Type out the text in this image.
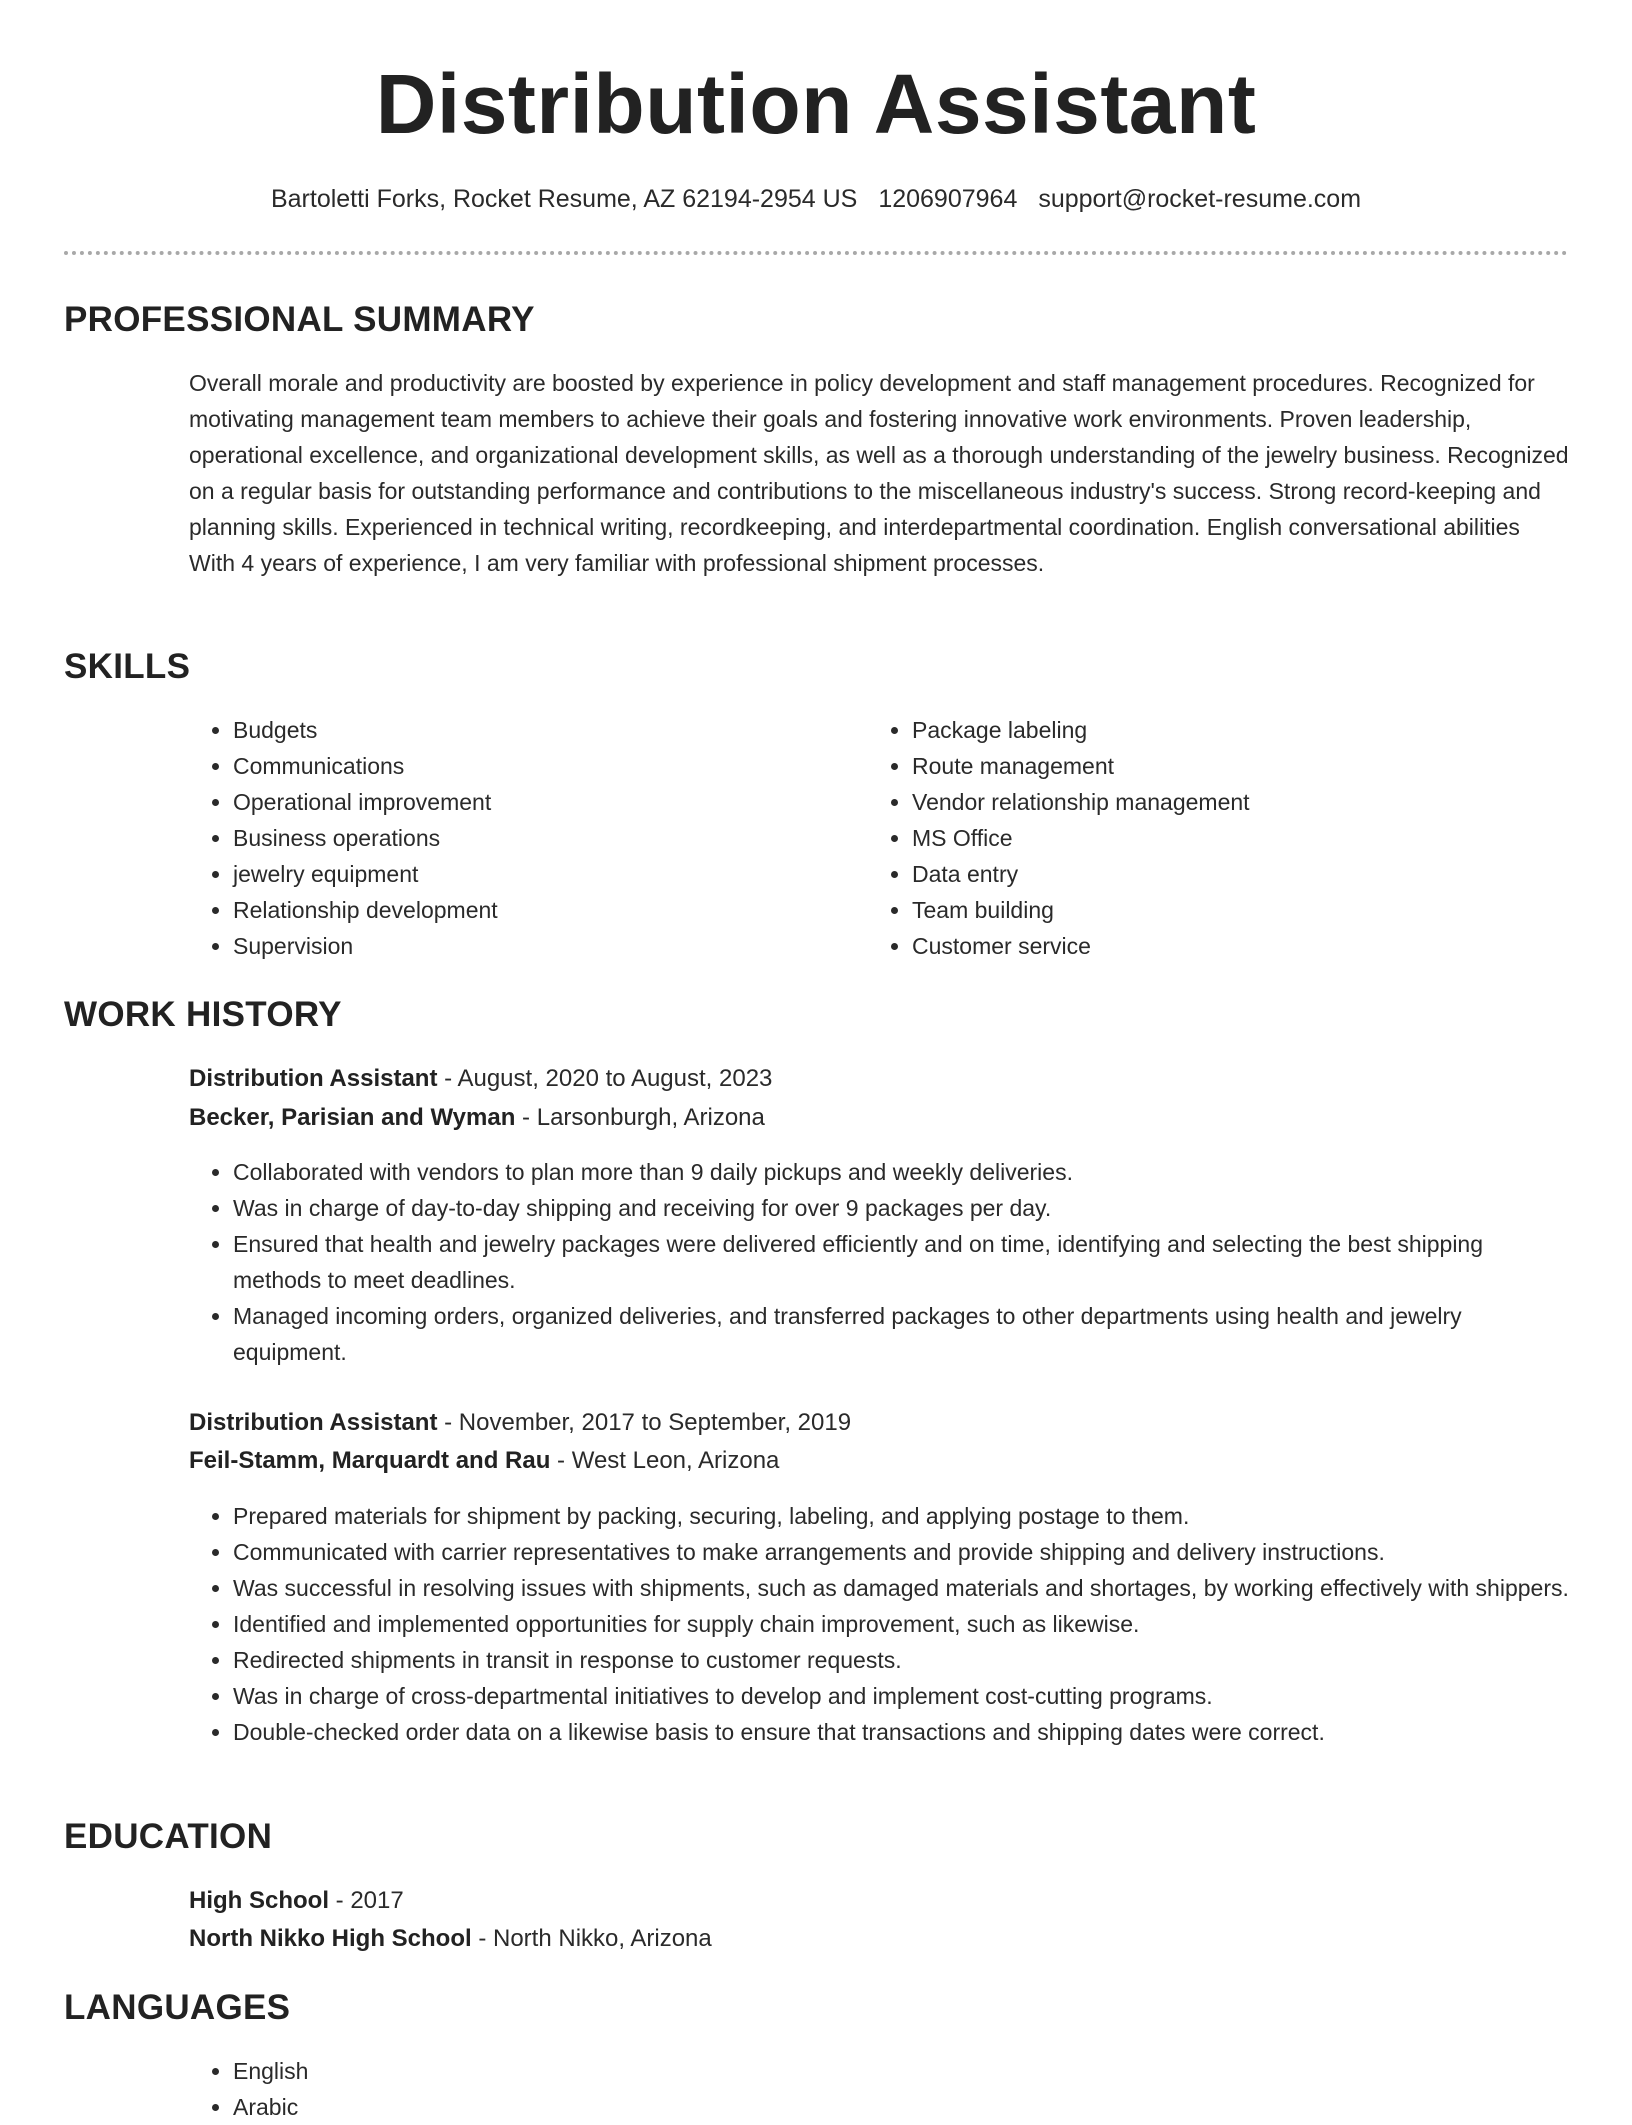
Distribution Assistant
Bartoletti Forks, Rocket Resume, AZ 62194-2954 US 1206907964 support@rocket-resume.com
PROFESSIONAL SUMMARY

Overall morale and productivity are boosted by experience in policy development and staff management procedures. Recognized for motivating management team members to achieve their goals and fostering innovative work environments. Proven leadership, operational excellence, and organizational development skills, as well as a thorough understanding of the jewelry business. Recognized on a regular basis for outstanding performance and contributions to the miscellaneous industry's success. Strong record-keeping and planning skills. Experienced in technical writing, recordkeeping, and interdepartmental coordination. English conversational abilities With 4 years of experience, I am very familiar with professional shipment processes.

SKILLS
• Budgets
• Communications
• Operational improvement
• Business operations
• jewelry equipment
• Relationship development
• Supervision
• Package labeling
• Route management
• Vendor relationship management
• MS Office
• Data entry
• Team building
• Customer service
WORK HISTORY
Distribution Assistant - August, 2020 to August, 2023
Becker, Parisian and Wyman - Larsonburgh, Arizona
• Collaborated with vendors to plan more than 9 daily pickups and weekly deliveries.
• Was in charge of day-to-day shipping and receiving for over 9 packages per day.
• Ensured that health and jewelry packages were delivered efficiently and on time, identifying and selecting the best shipping methods to meet deadlines.
• Managed incoming orders, organized deliveries, and transferred packages to other departments using health and jewelry equipment.
Distribution Assistant - November, 2017 to September, 2019
Feil-Stamm, Marquardt and Rau - West Leon, Arizona
• Prepared materials for shipment by packing, securing, labeling, and applying postage to them.
• Communicated with carrier representatives to make arrangements and provide shipping and delivery instructions.
• Was successful in resolving issues with shipments, such as damaged materials and shortages, by working effectively with shippers.
• Identified and implemented opportunities for supply chain improvement, such as likewise.
• Redirected shipments in transit in response to customer requests.
• Was in charge of cross-departmental initiatives to develop and implement cost-cutting programs.
• Double-checked order data on a likewise basis to ensure that transactions and shipping dates were correct.
EDUCATION
High School - 2017
North Nikko High School - North Nikko, Arizona
LANGUAGES
• English
• Arabic
